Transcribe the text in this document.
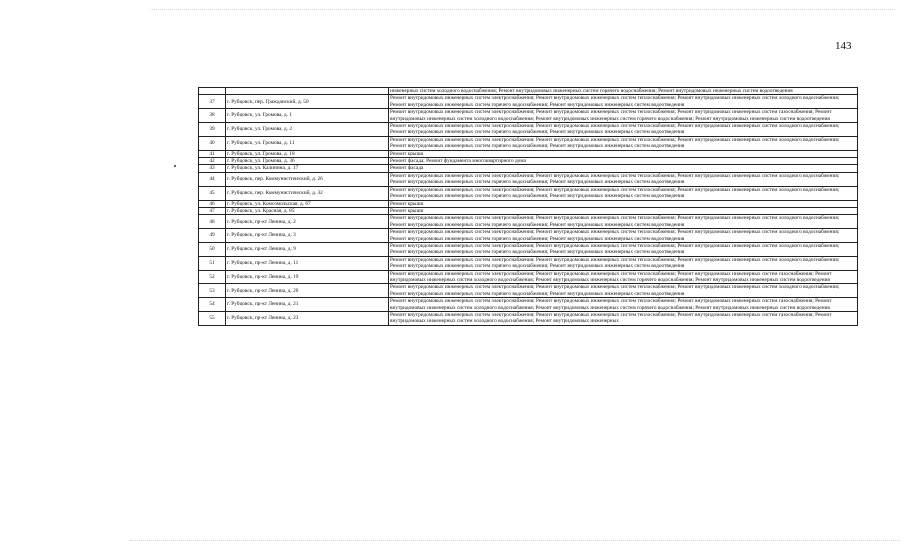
143
		инженерных систем холодного водоснабжения; Ремонт внутридомовых инженерных систем горячего водоснабжения; Ремонт внутридомовых инженерных систем водоотведения
37	г. Рубцовск, пер. Гражданский, д. 50	Ремонт внутридомовых инженерных систем электроснабжения; Ремонт внутридомовых инженерных систем теплоснабжения; Ремонт внутридомовых инженерных систем холодного водоснабжения; Ремонт внутридомовых инженерных систем горячего водоснабжения; Ремонт внутридомовых инженерных систем водоотведения
38	г. Рубцовск, ул. Громова, д. 1	Ремонт внутридомовых инженерных систем электроснабжения; Ремонт внутридомовых инженерных систем теплоснабжения; Ремонт внутридомовых инженерных систем газоснабжения; Ремонт внутридомовых инженерных систем холодного водоснабжения; Ремонт внутридомовых инженерных систем горячего водоснабжения; Ремонт внутридомовых инженерных систем водоотведения
39	г. Рубцовск, ул. Громова, д. 2	Ремонт внутридомовых инженерных систем электроснабжения; Ремонт внутридомовых инженерных систем теплоснабжения; Ремонт внутридомовых инженерных систем холодного водоснабжения; Ремонт внутридомовых инженерных систем горячего водоснабжения; Ремонт внутридомовых инженерных систем водоотведения
40	г. Рубцовск, ул. Громова, д. 11	Ремонт внутридомовых инженерных систем электроснабжения; Ремонт внутридомовых инженерных систем теплоснабжения; Ремонт внутридомовых инженерных систем холодного водоснабжения; Ремонт внутридомовых инженерных систем горячего водоснабжения; Ремонт внутридомовых инженерных систем водоотведения
41	г. Рубцовск, ул. Громова, д. 18	Ремонт крыши
42	г. Рубцовск, ул. Громова, д. 36	Ремонт фасада; Ремонт фундамента многоквартирного дома
43	г. Рубцовск, ул. Калинина, д. 17	Ремонт фасада
44	г. Рубцовск, пер. Коммунистический, д. 26	Ремонт внутридомовых инженерных систем электроснабжения; Ремонт внутридомовых инженерных систем теплоснабжения; Ремонт внутридомовых инженерных систем холодного водоснабжения; Ремонт внутридомовых инженерных систем горячего водоснабжения; Ремонт внутридомовых инженерных систем водоотведения
45	г. Рубцовск, пер. Коммунистический, д. 32	Ремонт внутридомовых инженерных систем электроснабжения; Ремонт внутридомовых инженерных систем теплоснабжения; Ремонт внутридомовых инженерных систем холодного водоснабжения; Ремонт внутридомовых инженерных систем горячего водоснабжения; Ремонт внутридомовых инженерных систем водоотведения
46	г. Рубцовск, ул. Комсомольская, д. 67	Ремонт крыши
47	г. Рубцовск, ул. Красная, д. 85	Ремонт крыши
48	г. Рубцовск, пр-кт Ленина, д. 2	Ремонт внутридомовых инженерных систем электроснабжения; Ремонт внутридомовых инженерных систем теплоснабжения; Ремонт внутридомовых инженерных систем холодного водоснабжения; Ремонт внутридомовых инженерных систем горячего водоснабжения; Ремонт внутридомовых инженерных систем водоотведения
49	г. Рубцовск, пр-кт Ленина, д. 3	Ремонт внутридомовых инженерных систем электроснабжения; Ремонт внутридомовых инженерных систем теплоснабжения; Ремонт внутридомовых инженерных систем холодного водоснабжения; Ремонт внутридомовых инженерных систем горячего водоснабжения; Ремонт внутридомовых инженерных систем водоотведения
50	г. Рубцовск, пр-кт Ленина, д. 9	Ремонт внутридомовых инженерных систем электроснабжения; Ремонт внутридомовых инженерных систем теплоснабжения; Ремонт внутридомовых инженерных систем холодного водоснабжения; Ремонт внутридомовых инженерных систем горячего водоснабжения; Ремонт внутридомовых инженерных систем водоотведения
51	г. Рубцовск, пр-кт Ленина, д. 11	Ремонт внутридомовых инженерных систем электроснабжения; Ремонт внутридомовых инженерных систем теплоснабжения; Ремонт внутридомовых инженерных систем холодного водоснабжения; Ремонт внутридомовых инженерных систем горячего водоснабжения; Ремонт внутридомовых инженерных систем водоотведения
52	г. Рубцовск, пр-кт Ленина, д. 19	Ремонт внутридомовых инженерных систем электроснабжения; Ремонт внутридомовых инженерных систем теплоснабжения; Ремонт внутридомовых инженерных систем газоснабжения; Ремонт внутридомовых инженерных систем холодного водоснабжения; Ремонт внутридомовых инженерных систем горячего водоснабжения; Ремонт внутридомовых инженерных систем водоотведения
53	г. Рубцовск, пр-кт Ленина, д. 20	Ремонт внутридомовых инженерных систем электроснабжения; Ремонт внутридомовых инженерных систем теплоснабжения; Ремонт внутридомовых инженерных систем холодного водоснабжения; Ремонт внутридомовых инженерных систем горячего водоснабжения; Ремонт внутридомовых инженерных систем водоотведения
54	г. Рубцовск, пр-кт Ленина, д. 21	Ремонт внутридомовых инженерных систем электроснабжения; Ремонт внутридомовых инженерных систем теплоснабжения; Ремонт внутридомовых инженерных систем газоснабжения; Ремонт внутридомовых инженерных систем холодного водоснабжения; Ремонт внутридомовых инженерных систем горячего водоснабжения; Ремонт внутридомовых инженерных систем водоотведения
55	г. Рубцовск, пр-кт Ленина, д. 23	Ремонт внутридомовых инженерных систем электроснабжения; Ремонт внутридомовых инженерных систем теплоснабжения; Ремонт внутридомовых инженерных систем газоснабжения; Ремонт внутридомовых инженерных систем холодного водоснабжения; Ремонт внутридомовых инженерных
